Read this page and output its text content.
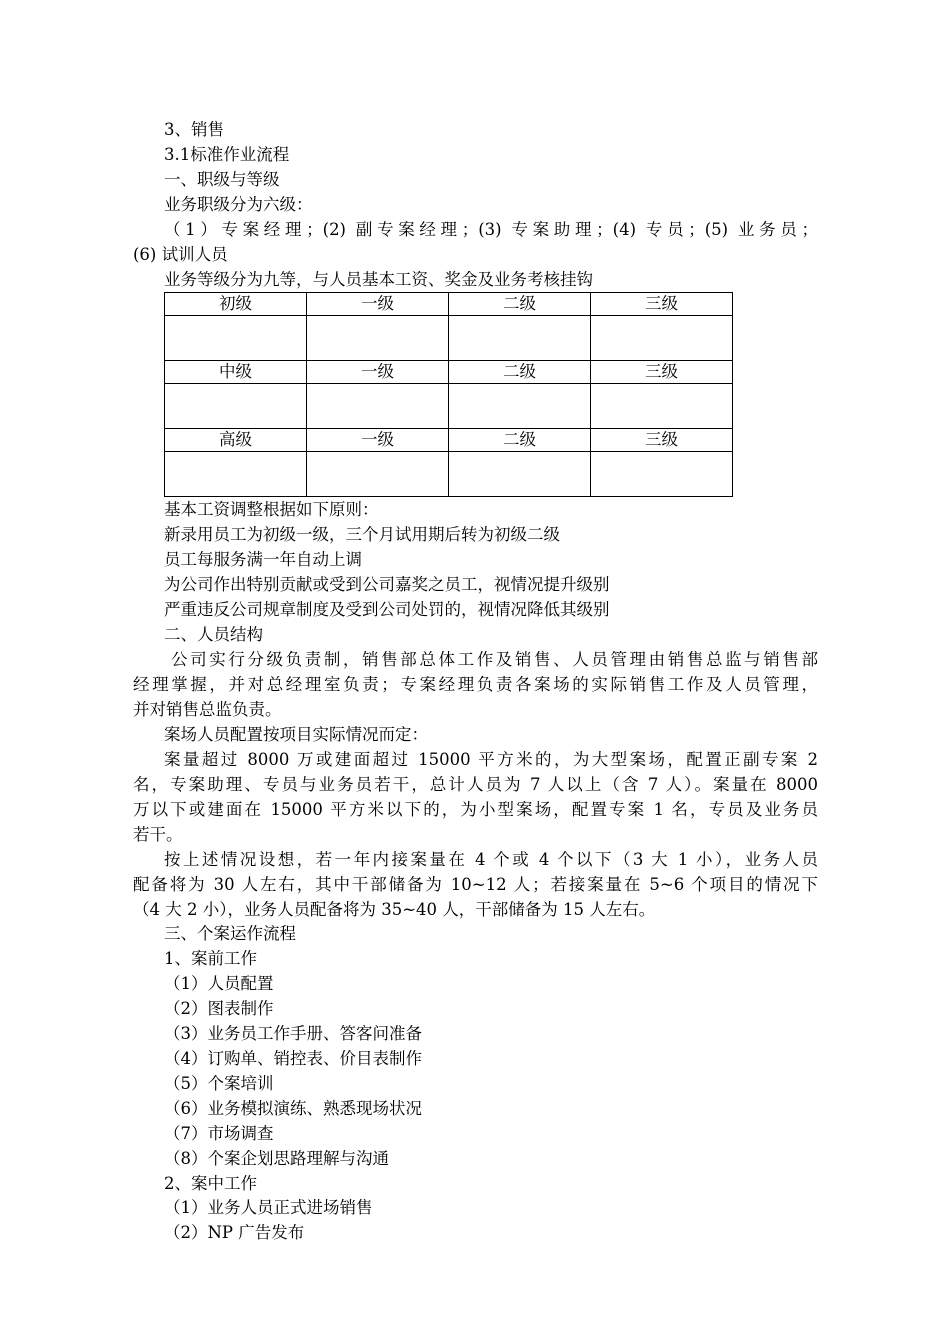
3、销售
3.1标准作业流程
一、职级与等级
业务职级分为六级：
（1）专案经理；(2) 副专案经理；(3) 专案助理；(4) 专员；(5) 业务员；
(6) 试训人员
业务等级分为九等，与人员基本工资、奖金及业务考核挂钩
初级	一级	二级	三级

中级	一级	二级	三级

高级	一级	二级	三级

基本工资调整根据如下原则：
新录用员工为初级一级，三个月试用期后转为初级二级
员工每服务满一年自动上调
为公司作出特别贡献或受到公司嘉奖之员工，视情况提升级别
严重违反公司规章制度及受到公司处罚的，视情况降低其级别
二、人员结构
公司实行分级负责制，销售部总体工作及销售、人员管理由销售总监与销售部
经理掌握，并对总经理室负责；专案经理负责各案场的实际销售工作及人员管理，
并对销售总监负责。
案场人员配置按项目实际情况而定：
案量超过 8000 万或建面超过 15000 平方米的，为大型案场，配置正副专案 2
名，专案助理、专员与业务员若干，总计人员为 7 人以上（含 7 人）。案量在 8000
万以下或建面在 15000 平方米以下的，为小型案场，配置专案 1 名，专员及业务员
若干。
按上述情况设想，若一年内接案量在 4 个或 4 个以下（3 大 1 小），业务人员
配备将为 30 人左右，其中干部储备为 10~12 人；若接案量在 5~6 个项目的情况下
（4 大 2 小），业务人员配备将为 35~40 人，干部储备为 15 人左右。
三、个案运作流程
1、案前工作
（1）人员配置
（2）图表制作
（3）业务员工作手册、答客问准备
（4）订购单、销控表、价目表制作
（5）个案培训
（6）业务模拟演练、熟悉现场状况
（7）市场调查
（8）个案企划思路理解与沟通
2、案中工作
（1）业务人员正式进场销售
（2）NP 广告发布
